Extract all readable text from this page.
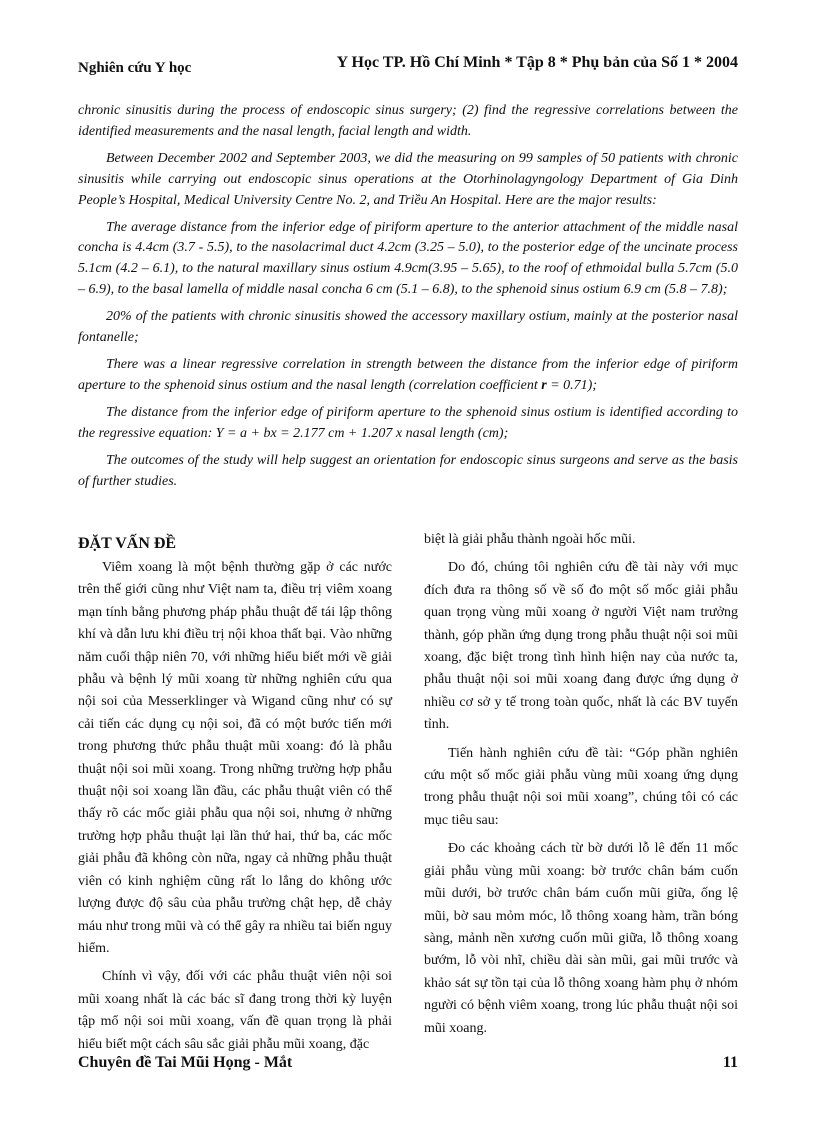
Nghiên cứu Y học	Y Học TP. Hồ Chí Minh * Tập 8 * Phụ bản của Số 1 * 2004

chronic sinusitis during the process of endoscopic sinus surgery; (2) find the regressive correlations between the identified measurements and the nasal length, facial length and width.

Between December 2002 and September 2003, we did the measuring on 99 samples of 50 patients with chronic sinusitis while carrying out endoscopic sinus operations at the Otorhinolagyngology Department of Gia Dinh People’s Hospital, Medical University Centre No. 2, and Triều An Hospital. Here are the major results:

The average distance from the inferior edge of piriform aperture to the anterior attachment of the middle nasal concha is 4.4cm (3.7 - 5.5), to the nasolacrimal duct 4.2cm (3.25 – 5.0), to the posterior edge of the uncinate process 5.1cm (4.2 – 6.1), to the natural maxillary sinus ostium 4.9cm(3.95 – 5.65), to the roof of ethmoidal bulla 5.7cm (5.0 – 6.9), to the basal lamella of middle nasal concha 6 cm (5.1 – 6.8), to the sphenoid sinus ostium 6.9 cm (5.8 – 7.8);

20% of the patients with chronic sinusitis showed the accessory maxillary ostium, mainly at the posterior nasal fontanelle;

There was a linear regressive correlation in strength between the distance from the inferior edge of piriform aperture to the sphenoid sinus ostium and the nasal length (correlation coefficient r = 0.71);

The distance from the inferior edge of piriform aperture to the sphenoid sinus ostium is identified according to the regressive equation: Y = a + bx = 2.177 cm + 1.207 x nasal length (cm);

The outcomes of the study will help suggest an orientation for endoscopic sinus surgeons and serve as the basis of further studies.

ĐẶT VẤN ĐỀ

Viêm xoang là một bệnh thường gặp ở các nước trên thế giới cũng như Việt nam ta, điều trị viêm xoang mạn tính bằng phương pháp phẫu thuật để tái lập thông khí và dẫn lưu khi điều trị nội khoa thất bại. Vào những năm cuối thập niên 70, với những hiểu biết mới về giải phẫu và bệnh lý mũi xoang từ những nghiên cứu qua nội soi của Messerklinger và Wigand cũng như có sự cải tiến các dụng cụ nội soi, đã có một bước tiến mới trong phương thức phẫu thuật mũi xoang: đó là phẫu thuật nội soi mũi xoang. Trong những trường hợp phẫu thuật nội soi xoang lần đầu, các phẫu thuật viên có thể thấy rõ các mốc giải phẫu qua nội soi, nhưng ở những trường hợp phẫu thuật lại lần thứ hai, thứ ba, các mốc giải phẫu đã không còn nữa, ngay cả những phẫu thuật viên có kinh nghiệm cũng rất lo lắng do không ước lượng được độ sâu của phẫu trường chật hẹp, dễ chảy máu như trong mũi và có thể gây ra nhiều tai biến nguy hiểm.

Chính vì vậy, đối với các phẫu thuật viên nội soi mũi xoang nhất là các bác sĩ đang trong thời kỳ luyện tập mổ nội soi mũi xoang, vấn đề quan trọng là phải hiểu biết một cách sâu sắc giải phẫu mũi xoang, đặc

biệt là giải phẫu thành ngoài hốc mũi.

Do đó, chúng tôi nghiên cứu đề tài này với mục đích đưa ra thông số về số đo một số mốc giải phẫu quan trọng vùng mũi xoang ở người Việt nam trưởng thành, góp phần ứng dụng trong phẫu thuật nội soi mũi xoang, đặc biệt trong tình hình hiện nay của nước ta, phẫu thuật nội soi mũi xoang đang được ứng dụng ở nhiều cơ sở y tế trong toàn quốc, nhất là các BV tuyến tỉnh.

Tiến hành nghiên cứu đề tài: “Góp phần nghiên cứu một số mốc giải phẫu vùng mũi xoang ứng dụng trong phẫu thuật nội soi mũi xoang”, chúng tôi có các mục tiêu sau:

Đo các khoảng cách từ bờ dưới lỗ lê đến 11 mốc giải phẫu vùng mũi xoang: bờ trước chân bám cuốn mũi dưới, bờ trước chân bám cuốn mũi giữa, ống lệ mũi, bờ sau mỏm móc, lỗ thông xoang hàm, trần bóng sàng, mảnh nền xương cuốn mũi giữa, lỗ thông xoang bướm, lỗ vòi nhĩ, chiều dài sàn mũi, gai mũi trước và khảo sát sự tồn tại của lỗ thông xoang hàm phụ ở nhóm người có bệnh viêm xoang, trong lúc phẫu thuật nội soi mũi xoang.

Chuyên đề Tai Mũi Họng - Mắt	11
